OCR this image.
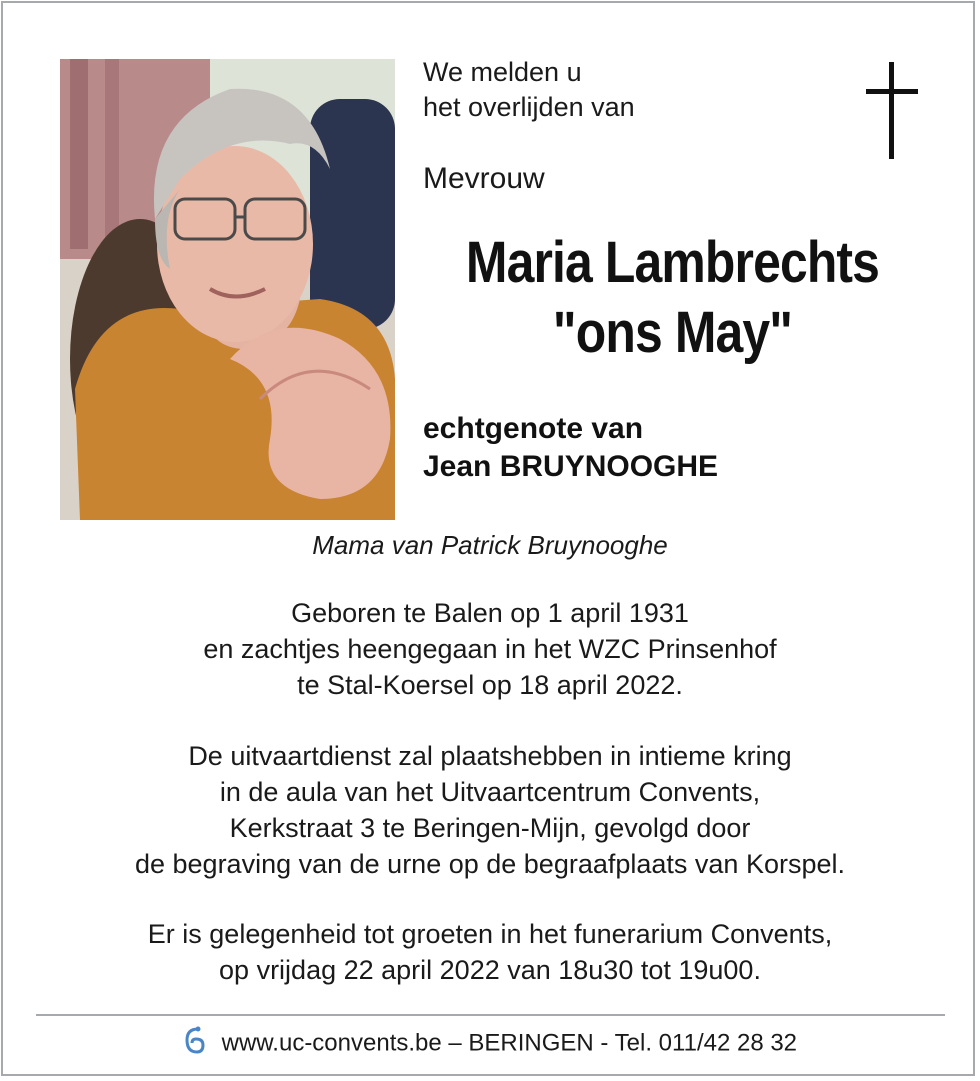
We melden u
het overlijden van
Mevrouw
Maria Lambrechts
"ons May"
echtgenote van
Jean BRUYNOOGHE
Mama van Patrick Bruynooghe
Geboren te Balen op 1 april 1931
en zachtjes heengegaan in het WZC Prinsenhof
te Stal-Koersel op 18 april 2022.
De uitvaartdienst zal plaatshebben in intieme kring
in de aula van het Uitvaartcentrum Convents,
Kerkstraat 3 te Beringen-Mijn, gevolgd door
de begraving van de urne op de begraafplaats van Korspel.
Er is gelegenheid tot groeten in het funerarium Convents,
op vrijdag 22 april 2022 van 18u30 tot 19u00.
www.uc-convents.be – BERINGEN - Tel. 011/42 28 32
